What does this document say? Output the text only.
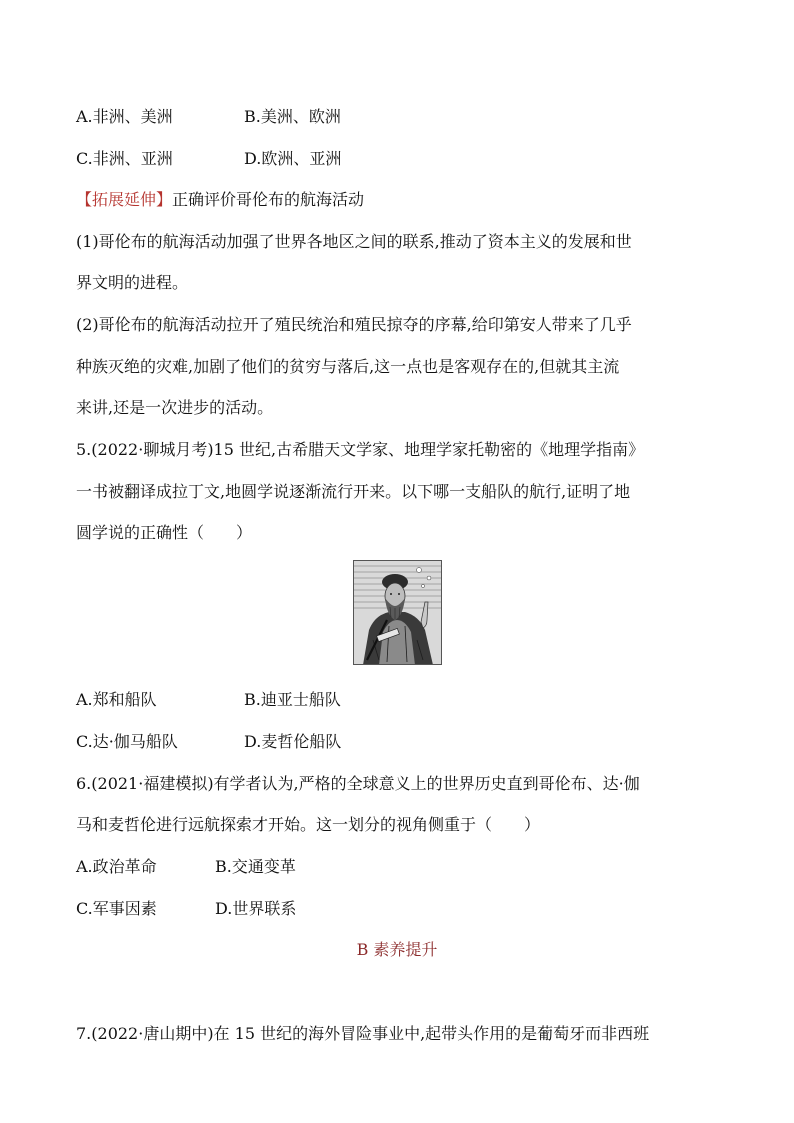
A.非洲、美洲	B.美洲、欧洲
C.非洲、亚洲	D.欧洲、亚洲
【拓展延伸】正确评价哥伦布的航海活动
(1)哥伦布的航海活动加强了世界各地区之间的联系,推动了资本主义的发展和世
界文明的进程。
(2)哥伦布的航海活动拉开了殖民统治和殖民掠夺的序幕,给印第安人带来了几乎
种族灭绝的灾难,加剧了他们的贫穷与落后,这一点也是客观存在的,但就其主流
来讲,还是一次进步的活动。
5.(2022·聊城月考)15 世纪,古希腊天文学家、地理学家托勒密的《地理学指南》
一书被翻译成拉丁文,地圆学说逐渐流行开来。以下哪一支船队的航行,证明了地
圆学说的正确性（　　）
A.郑和船队	B.迪亚士船队
C.达·伽马船队	D.麦哲伦船队
6.(2021·福建模拟)有学者认为,严格的全球意义上的世界历史直到哥伦布、达·伽
马和麦哲伦进行远航探索才开始。这一划分的视角侧重于（　　）
A.政治革命	B.交通变革
C.军事因素	D.世界联系
B 素养提升
7.(2022·唐山期中)在 15 世纪的海外冒险事业中,起带头作用的是葡萄牙而非西班
